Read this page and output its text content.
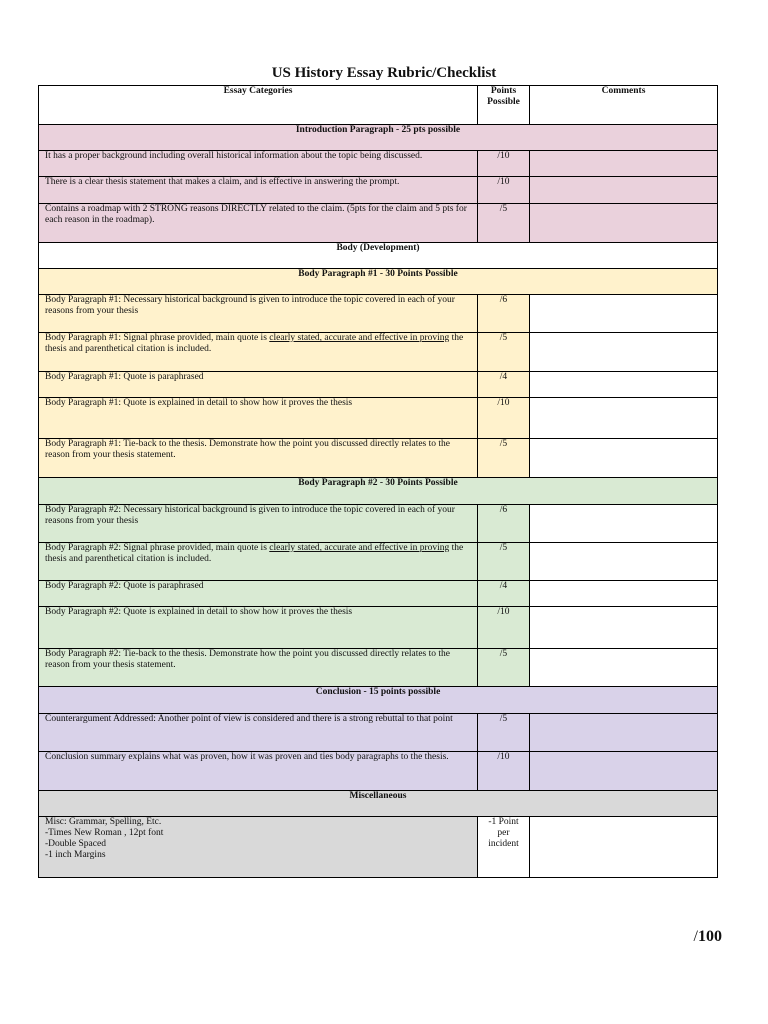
US History Essay Rubric/Checklist
Essay Categories	Points
Possible	Comments
Introduction Paragraph - 25 pts possible		
It has a proper background including overall historical information about the topic being discussed.	/10	
There is a clear thesis statement that makes a claim, and is effective in answering the prompt.	/10	
Contains a roadmap with 2 STRONG reasons DIRECTLY related to the claim. (5pts for the claim and 5 pts for each reason in the roadmap).	/5	
Body (Development)		
Body Paragraph #1 - 30 Points Possible		
Body Paragraph #1: Necessary historical background is given to introduce the topic covered in each of your reasons from your thesis	/6	
Body Paragraph #1: Signal phrase provided, main quote is clearly stated, accurate and effective in proving the thesis and parenthetical citation is included.	/5	
Body Paragraph #1: Quote is paraphrased	/4	
Body Paragraph #1: Quote is explained in detail to show how it proves the thesis	/10	
Body Paragraph #1: Tie-back to the thesis. Demonstrate how the point you discussed directly relates to the reason from your thesis statement.	/5	
Body Paragraph #2 - 30 Points Possible		
Body Paragraph #2: Necessary historical background is given to introduce the topic covered in each of your reasons from your thesis	/6	
Body Paragraph #2: Signal phrase provided, main quote is clearly stated, accurate and effective in proving the thesis and parenthetical citation is included.	/5	
Body Paragraph #2: Quote is paraphrased	/4	
Body Paragraph #2: Quote is explained in detail to show how it proves the thesis	/10	
Body Paragraph #2: Tie-back to the thesis. Demonstrate how the point you discussed directly relates to the reason from your thesis statement.	/5	
Conclusion - 15 points possible		
Counterargument Addressed: Another point of view is considered and there is a strong rebuttal to that point	/5	
Conclusion summary explains what was proven, how it was proven and ties body paragraphs to the thesis.	/10	
Miscellaneous		

Misc: Grammar, Spelling, Etc.
-Times New Roman , 12pt font
-Double Spaced
-1 inch Margins	-1 Point
per
incident	

/100
